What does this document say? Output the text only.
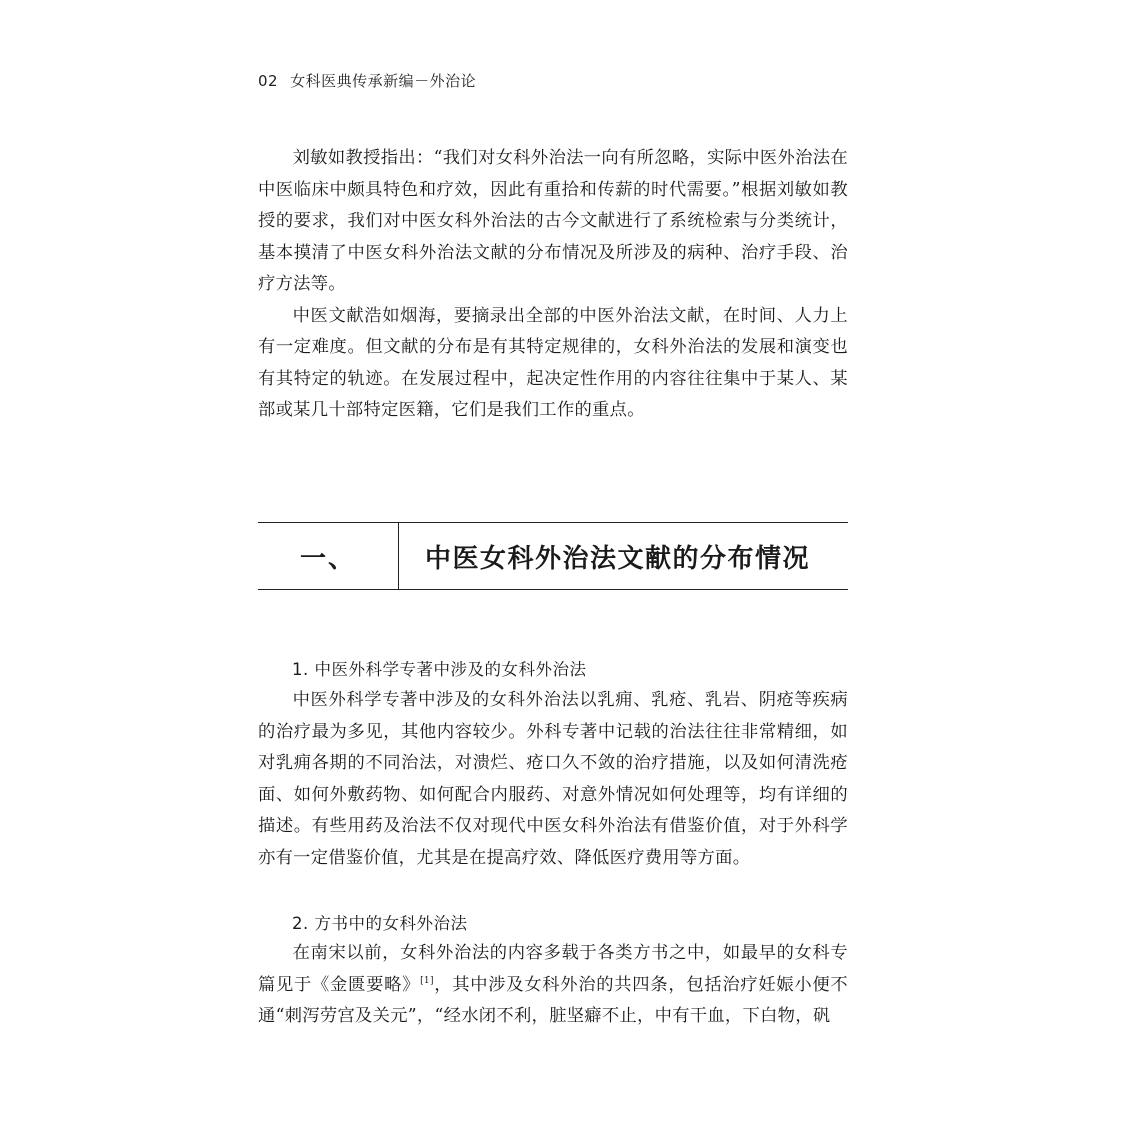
02 女科医典传承新编－外治论

刘敏如教授指出：“我们对女科外治法一向有所忽略，实际中医外治法在中医临床中颇具特色和疗效，因此有重拾和传薪的时代需要。”根据刘敏如教授的要求，我们对中医女科外治法的古今文献进行了系统检索与分类统计，基本摸清了中医女科外治法文献的分布情况及所涉及的病种、治疗手段、治疗方法等。

中医文献浩如烟海，要摘录出全部的中医外治法文献，在时间、人力上有一定难度。但文献的分布是有其特定规律的，女科外治法的发展和演变也有其特定的轨迹。在发展过程中，起决定性作用的内容往往集中于某人、某部或某几十部特定医籍，它们是我们工作的重点。

一、	中医女科外治法文献的分布情况
1. 中医外科学专著中涉及的女科外治法

中医外科学专著中涉及的女科外治法以乳痈、乳疮、乳岩、阴疮等疾病的治疗最为多见，其他内容较少。外科专著中记载的治法往往非常精细，如对乳痈各期的不同治法，对溃烂、疮口久不敛的治疗措施，以及如何清洗疮面、如何外敷药物、如何配合内服药、对意外情况如何处理等，均有详细的描述。有些用药及治法不仅对现代中医女科外治法有借鉴价值，对于外科学亦有一定借鉴价值，尤其是在提高疗效、降低医疗费用等方面。

2. 方书中的女科外治法

在南宋以前，女科外治法的内容多载于各类方书之中，如最早的女科专篇见于《金匮要略》[1]，其中涉及女科外治的共四条，包括治疗妊娠小便不通“刺泻劳宫及关元”，“经水闭不利，脏坚癖不止，中有干血，下白物，矾
